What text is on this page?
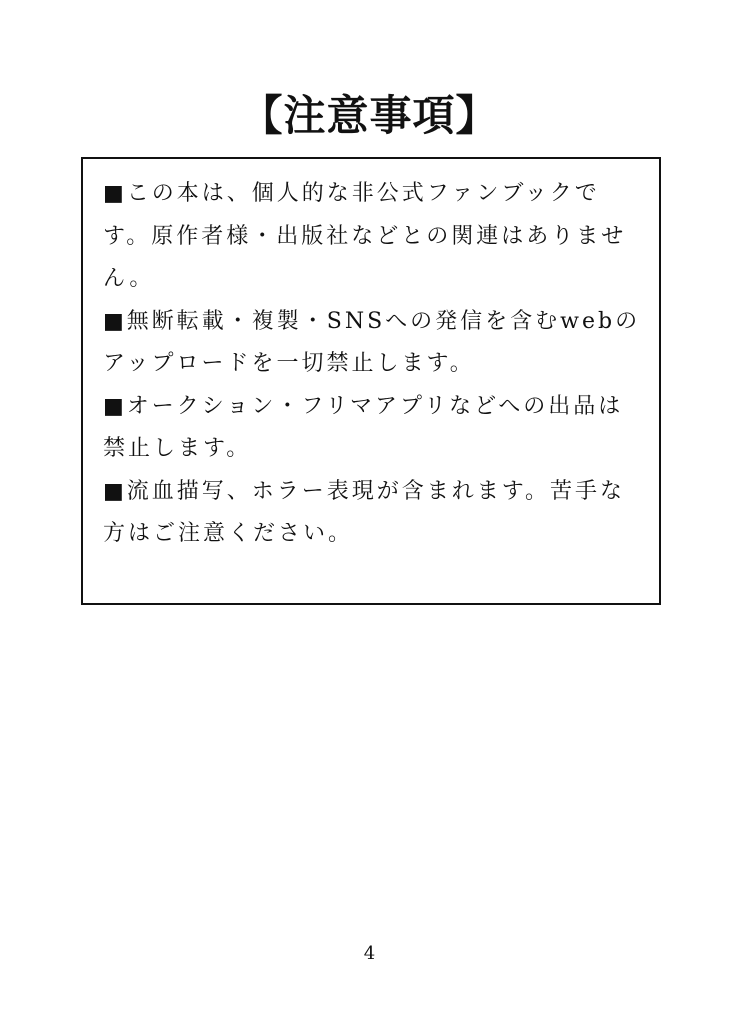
【注意事項】

■この本は、個人的な非公式ファンブックです。原作者様・出版社などとの関連はありません。

■無断転載・複製・SNSへの発信を含むwebのアップロードを一切禁止します。

■オークション・フリマアプリなどへの出品は禁止します。

■流血描写、ホラー表現が含まれます。苦手な方はご注意ください。

4
